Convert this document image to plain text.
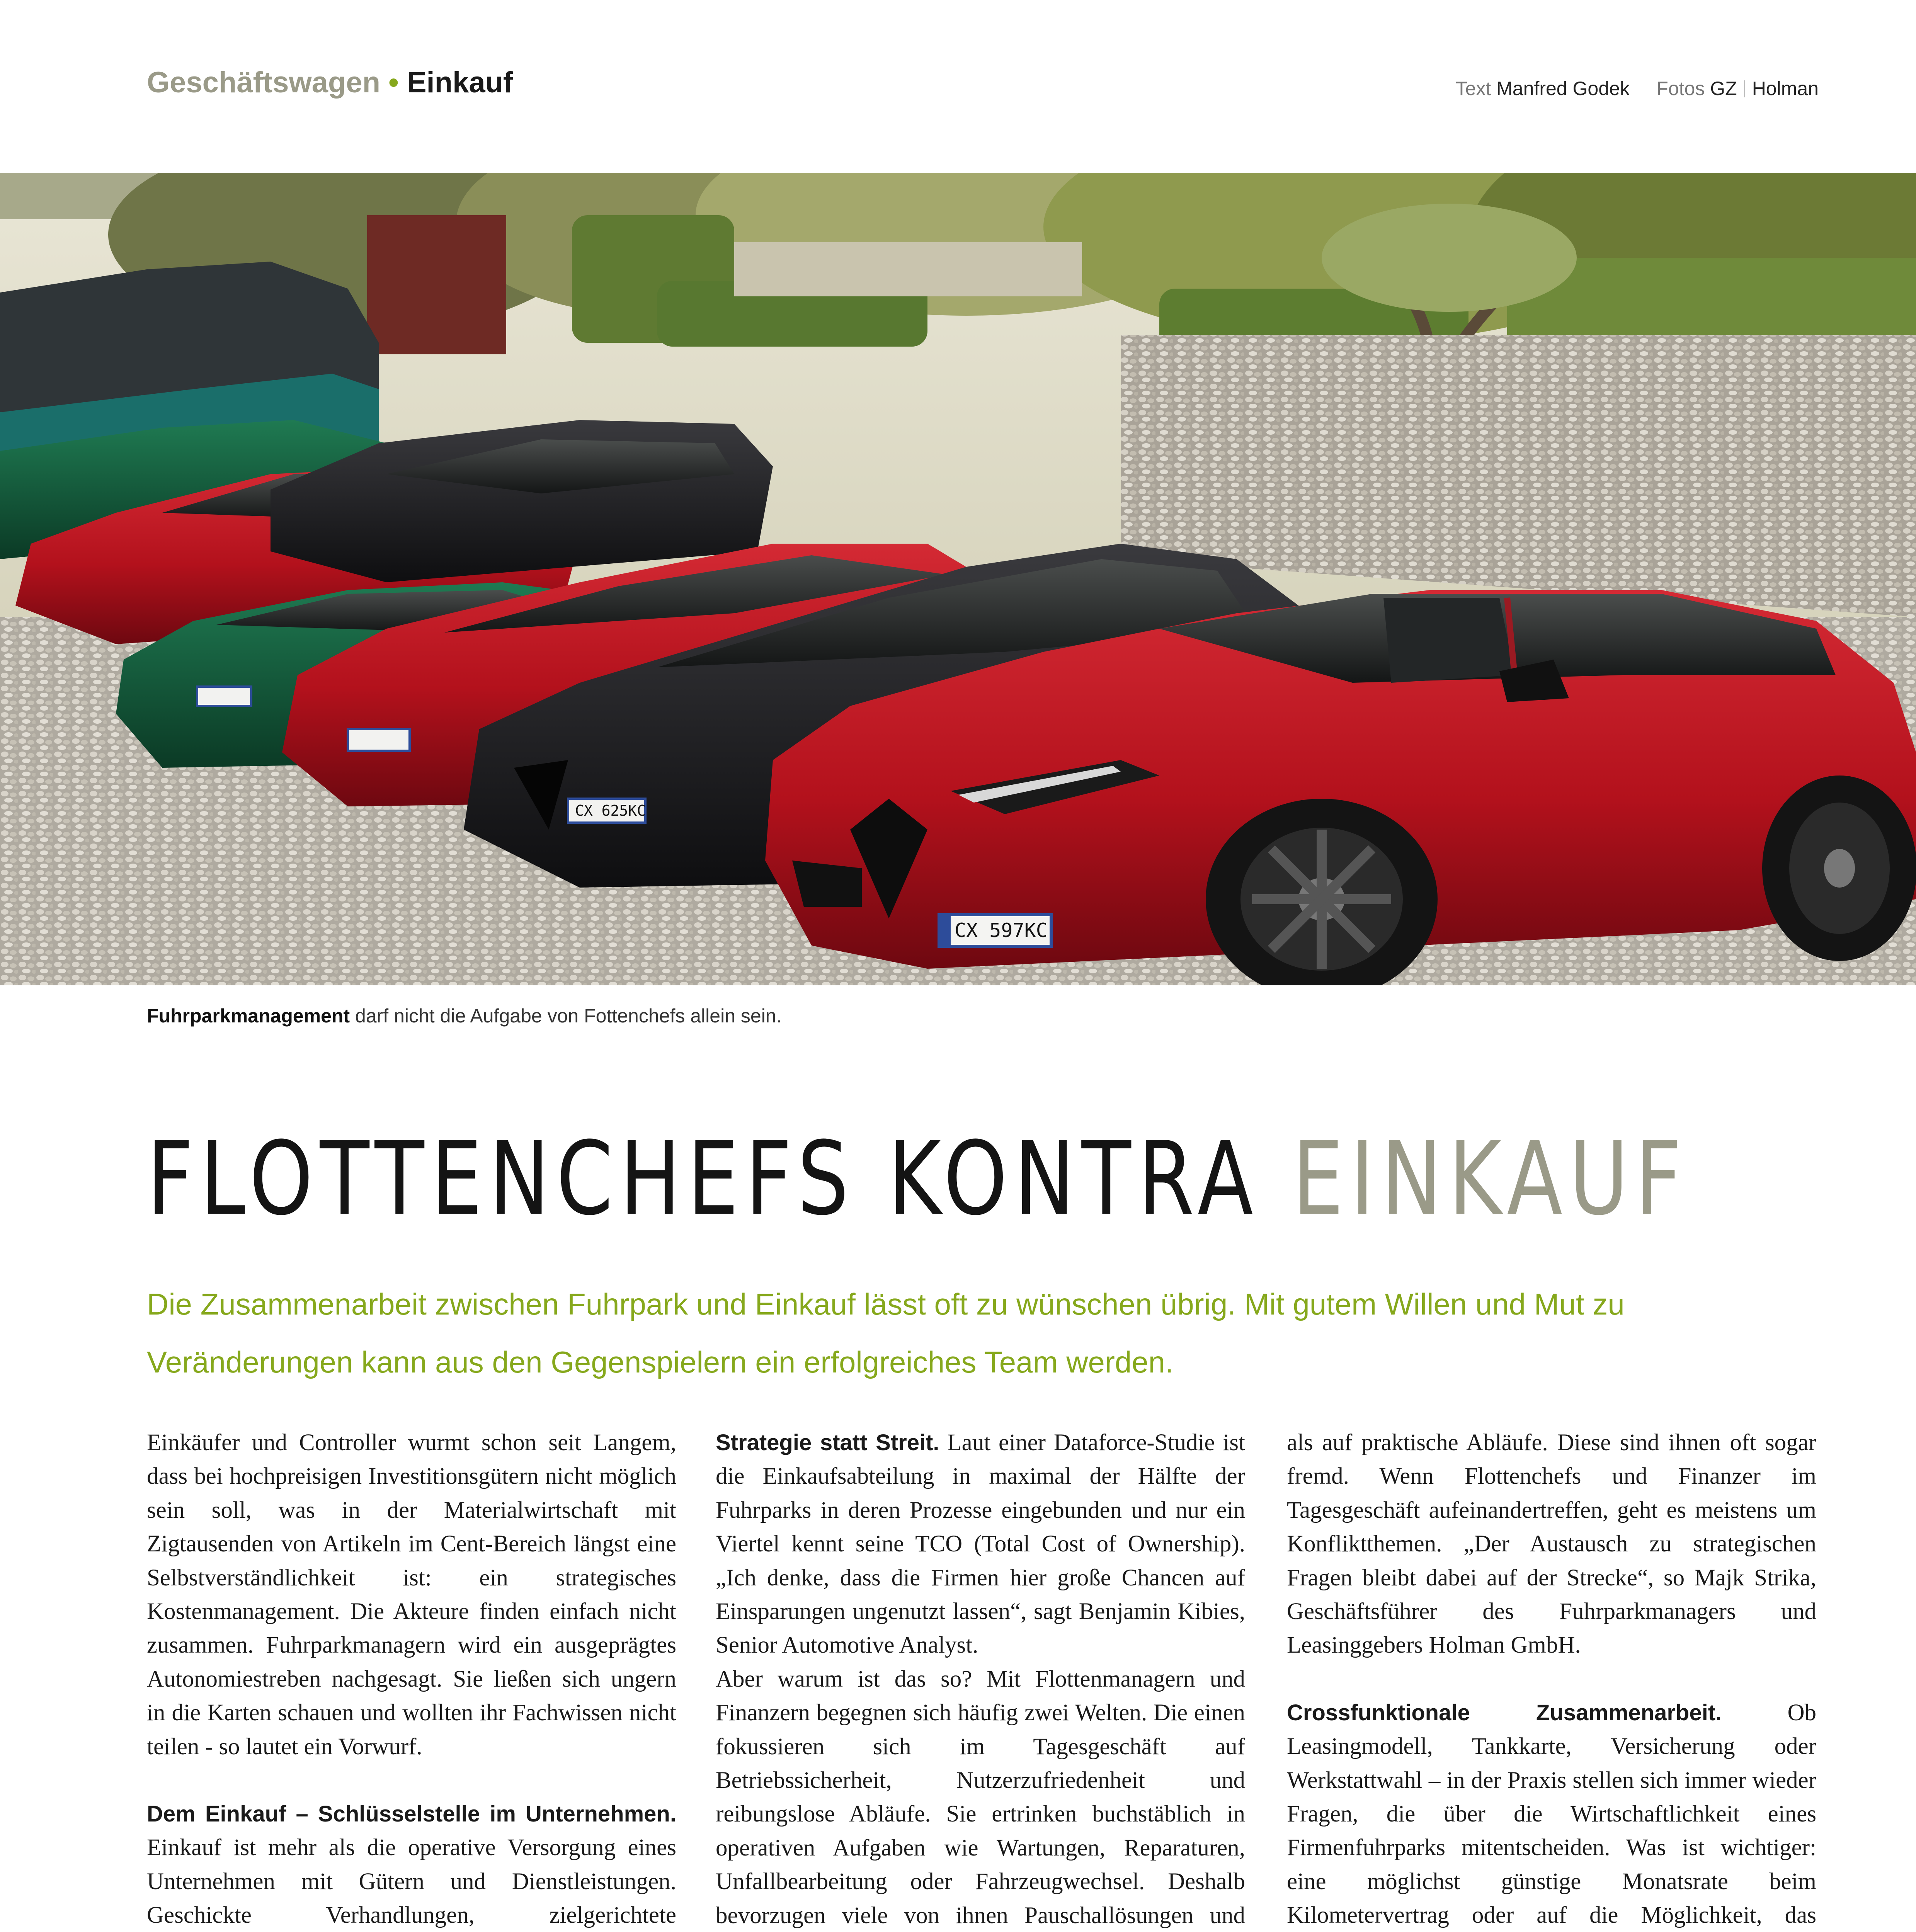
Geschäftswagen • Einkauf	Text Manfred Godek Fotos GZ Holman
CX 625KC
CX 597KC
Fuhrparkmanagement darf nicht die Aufgabe von Fottenchefs allein sein.
FLOTTENCHEFS KONTRA EINKAUF
Die Zusammenarbeit zwischen Fuhrpark und Einkauf lässt oft zu wünschen übrig. Mit gutem Willen und Mut zu Veränderungen kann aus den Gegenspielern ein erfolgreiches Team werden.

Einkäufer und Controller wurmt schon seit Langem, dass bei hochpreisigen Investitionsgütern nicht möglich sein soll, was in der Materialwirtschaft mit Zigtausenden von Artikeln im Cent-Bereich längst eine Selbstverständlichkeit ist: ein strategisches Kostenmanagement. Die Akteure finden einfach nicht zusammen. Fuhrparkmanagern wird ein ausgeprägtes Autonomiestreben nachgesagt. Sie ließen sich ungern in die Karten schauen und wollten ihr Fachwissen nicht teilen - so lautet ein Vorwurf.

Dem Einkauf – Schlüsselstelle im Unternehmen. Einkauf ist mehr als die operative Versorgung eines Unternehmen mit Gütern und Dienstleistungen. Geschickte Verhandlungen, zielgerichtete

Strategie statt Streit. Laut einer Dataforce-Studie ist die Einkaufsabteilung in maximal der Hälfte der Fuhrparks in deren Prozesse eingebunden und nur ein Viertel kennt seine TCO (Total Cost of Ownership). „Ich denke, dass die Firmen hier große Chancen auf Einsparungen ungenutzt lassen“, sagt Benjamin Kibies, Senior Automotive Analyst.

Aber warum ist das so? Mit Flottenmanagern und Finanzern begegnen sich häufig zwei Welten. Die einen fokussieren sich im Tagesgeschäft auf Betriebssicherheit, Nutzerzufriedenheit und reibungslose Abläufe. Sie ertrinken buchstäblich in operativen Aufgaben wie Wartungen, Reparaturen, Unfallbearbeitung oder Fahrzeugwechsel. Deshalb bevorzugen viele von ihnen Pauschallösungen und

als auf praktische Abläufe. Diese sind ihnen oft sogar fremd. Wenn Flottenchefs und Finanzer im Tagesgeschäft aufeinandertreffen, geht es meistens um Konfliktthemen. „Der Austausch zu strategischen Fragen bleibt dabei auf der Strecke“, so Majk Strika, Geschäftsführer des Fuhrparkmanagers und Leasinggebers Holman GmbH.

Crossfunktionale Zusammenarbeit.	Ob Leasingmodell, Tankkarte, Versicherung oder Werkstattwahl – in der Praxis stellen sich immer wieder Fragen, die über die Wirtschaftlichkeit eines Firmenfuhrparks mitentscheiden. Was ist wichtiger: eine möglichst günstige Monatsrate beim Kilometervertrag oder auf die Möglichkeit, das
